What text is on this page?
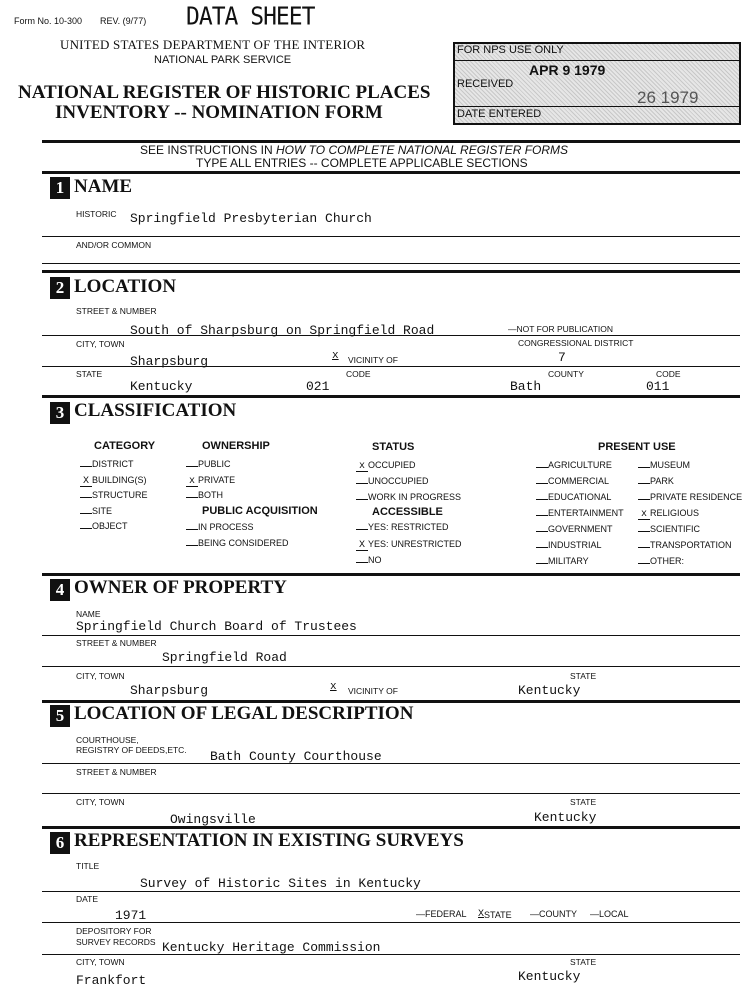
Form No. 10-300 REV. (9/77) DATA SHEET
UNITED STATES DEPARTMENT OF THE INTERIOR
NATIONAL PARK SERVICE
NATIONAL REGISTER OF HISTORIC PLACES
INVENTORY -- NOMINATION FORM
FOR NPS USE ONLY
RECEIVED
APR 9 1979
DATE ENTERED
26 1979
SEE INSTRUCTIONS IN HOW TO COMPLETE NATIONAL REGISTER FORMS
TYPE ALL ENTRIES -- COMPLETE APPLICABLE SECTIONS
1 NAME
HISTORIC Springfield Presbyterian Church
AND/OR COMMON
2 LOCATION
STREET & NUMBER
South of Sharpsburg on Springfield Road	—NOT FOR PUBLICATION
CITY, TOWN	CONGRESSIONAL DISTRICT
Sharpsburg	x VICINITY OF	7
STATE	CODE	COUNTY	CODE
Kentucky	021	Bath	011
3 CLASSIFICATION
CATEGORY	OWNERSHIP	STATUS	PRESENT USE
PUBLIC ACQUISITION	ACCESSIBLE
DISTRICT
X BUILDING(S)
STRUCTURE
SITE
OBJECT
PUBLIC
x PRIVATE
BOTH
IN PROCESS
BEING CONSIDERED
x OCCUPIED
UNOCCUPIED
WORK IN PROGRESS
YES: RESTRICTED
X YES: UNRESTRICTED
NO
AGRICULTURE
COMMERCIAL
EDUCATIONAL
ENTERTAINMENT
GOVERNMENT
INDUSTRIAL
MILITARY
MUSEUM
PARK
PRIVATE RESIDENCE
x RELIGIOUS
SCIENTIFIC
TRANSPORTATION
OTHER:
4 OWNER OF PROPERTY
NAME
Springfield Church Board of Trustees
STREET & NUMBER
Springfield Road
CITY, TOWN	STATE
Sharpsburg	x VICINITY OF	Kentucky
5 LOCATION OF LEGAL DESCRIPTION
COURTHOUSE,
REGISTRY OF DEEDS,ETC. Bath County Courthouse
STREET & NUMBER
CITY, TOWN	STATE
Owingsville	Kentucky
6 REPRESENTATION IN EXISTING SURVEYS
TITLE
Survey of Historic Sites in Kentucky
DATE
1971	—FEDERAL XSTATE —COUNTY —LOCAL
DEPOSITORY FOR
SURVEY RECORDS Kentucky Heritage Commission
CITY, TOWN	STATE
Frankfort	Kentucky
